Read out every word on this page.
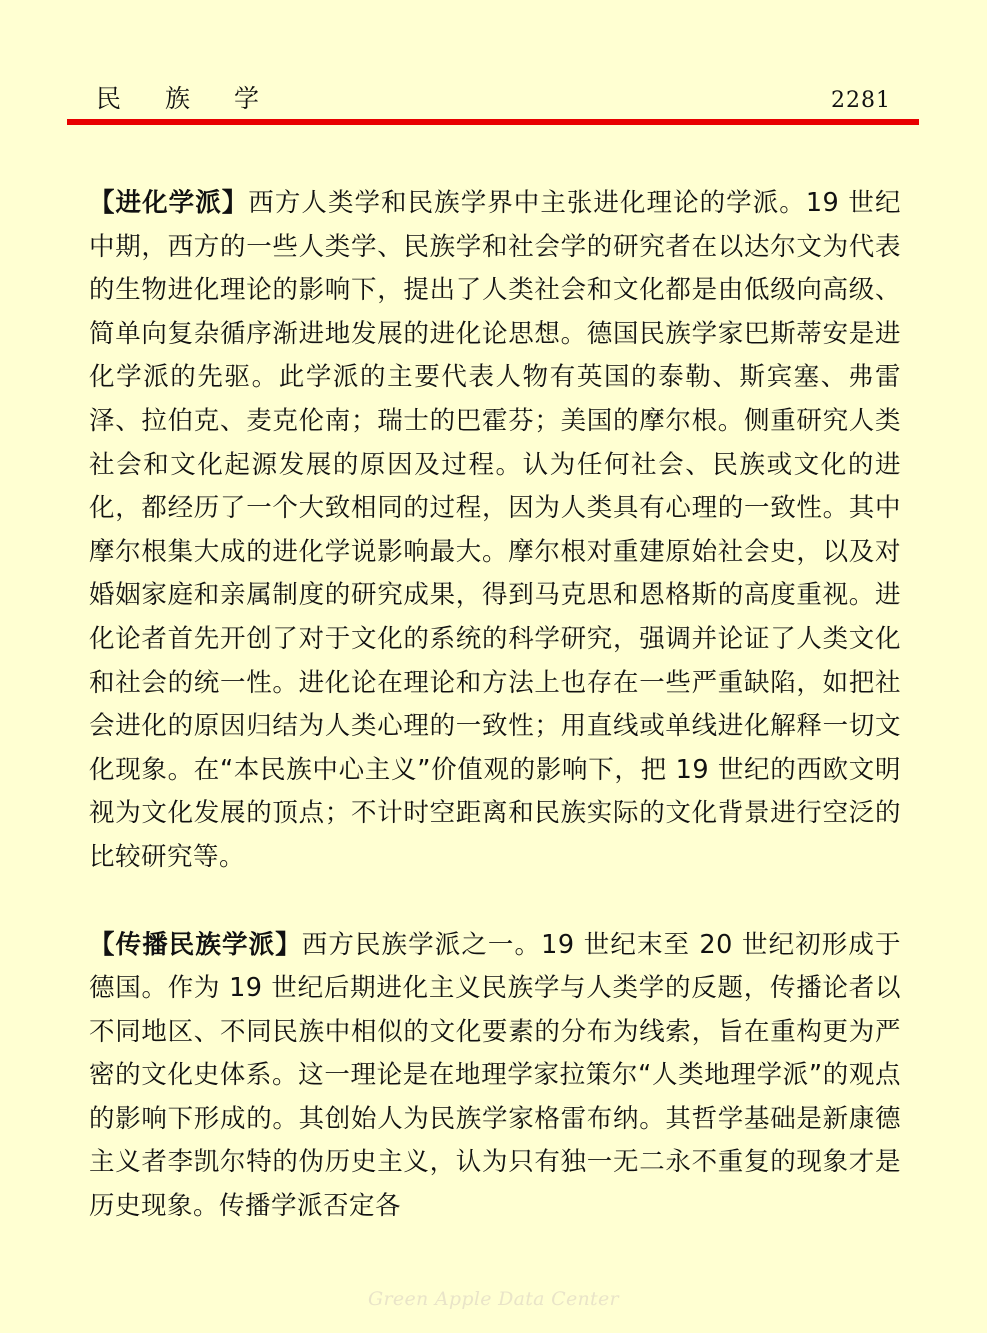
民族学	2281

【进化学派】西方人类学和民族学界中主张进化理论的学派。19 世纪中期，西方的一些人类学、民族学和社会学的研究者在以达尔文为代表的生物进化理论的影响下，提出了人类社会和文化都是由低级向高级、简单向复杂循序渐进地发展的进化论思想。德国民族学家巴斯蒂安是进化学派的先驱。此学派的主要代表人物有英国的泰勒、斯宾塞、弗雷泽、拉伯克、麦克伦南；瑞士的巴霍芬；美国的摩尔根。侧重研究人类社会和文化起源发展的原因及过程。认为任何社会、民族或文化的进化，都经历了一个大致相同的过程，因为人类具有心理的一致性。其中摩尔根集大成的进化学说影响最大。摩尔根对重建原始社会史，以及对婚姻家庭和亲属制度的研究成果，得到马克思和恩格斯的高度重视。进化论者首先开创了对于文化的系统的科学研究，强调并论证了人类文化和社会的统一性。进化论在理论和方法上也存在一些严重缺陷，如把社会进化的原因归结为人类心理的一致性；用直线或单线进化解释一切文化现象。在“本民族中心主义”价值观的影响下，把 19 世纪的西欧文明视为文化发展的顶点；不计时空距离和民族实际的文化背景进行空泛的比较研究等。

【传播民族学派】西方民族学派之一。19 世纪末至 20 世纪初形成于德国。作为 19 世纪后期进化主义民族学与人类学的反题，传播论者以不同地区、不同民族中相似的文化要素的分布为线索，旨在重构更为严密的文化史体系。这一理论是在地理学家拉策尔“人类地理学派”的观点的影响下形成的。其创始人为民族学家格雷布纳。其哲学基础是新康德主义者李凯尔特的伪历史主义，认为只有独一无二永不重复的现象才是历史现象。传播学派否定各

Green Apple Data Center
